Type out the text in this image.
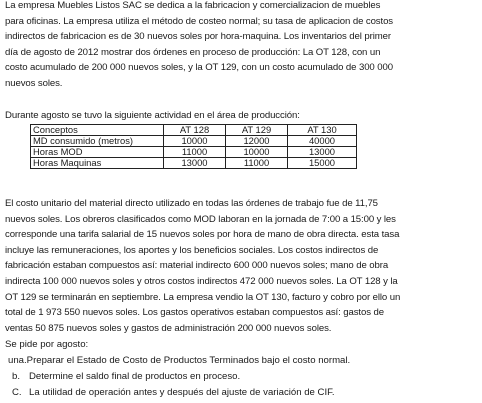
La empresa Muebles Listos SAC se dedica a la fabricacion y comercializacion de muebles
para oficinas. La empresa utiliza el método de costeo normal; su tasa de aplicacion de costos
indirectos de fabricacion es de 30 nuevos soles por hora-maquina. Los inventarios del primer
día de agosto de 2012 mostrar dos órdenes en proceso de producción: La OT 128, con un
costo acumulado de 200 000 nuevos soles, y la OT 129, con un costo acumulado de 300 000
nuevos soles.

Durante agosto se tuvo la siguiente actividad en el área de producción:

Conceptos	AT 128	AT 129	AT 130
MD consumido (metros)	10000	12000	40000
Horas MOD	11000	10000	13000
Horas Maquinas	13000	11000	15000

El costo unitario del material directo utilizado en todas las órdenes de trabajo fue de 11,75
nuevos soles. Los obreros clasificados como MOD laboran en la jornada de 7:00 a 15:00 y les
corresponde una tarifa salarial de 15 nuevos soles por hora de mano de obra directa. esta tasa
incluye las remuneraciones, los aportes y los beneficios sociales. Los costos indirectos de
fabricación estaban compuestos así: material indirecto 600 000 nuevos soles; mano de obra
indirecta 100 000 nuevos soles y otros costos indirectos 472 000 nuevos soles. La OT 128 y la
OT 129 se terminarán en septiembre. La empresa vendio la OT 130, facturo y cobro por ello un
total de 1 973 550 nuevos soles. Los gastos operativos estaban compuestos así: gastos de
ventas 50 875 nuevos soles y gastos de administración 200 000 nuevos soles.

Se pide por agosto:
una.Preparar el Estado de Costo de Productos Terminados bajo el costo normal.
b. Determine el saldo final de productos en proceso.
C. La utilidad de operación antes y después del ajuste de variación de CIF.
